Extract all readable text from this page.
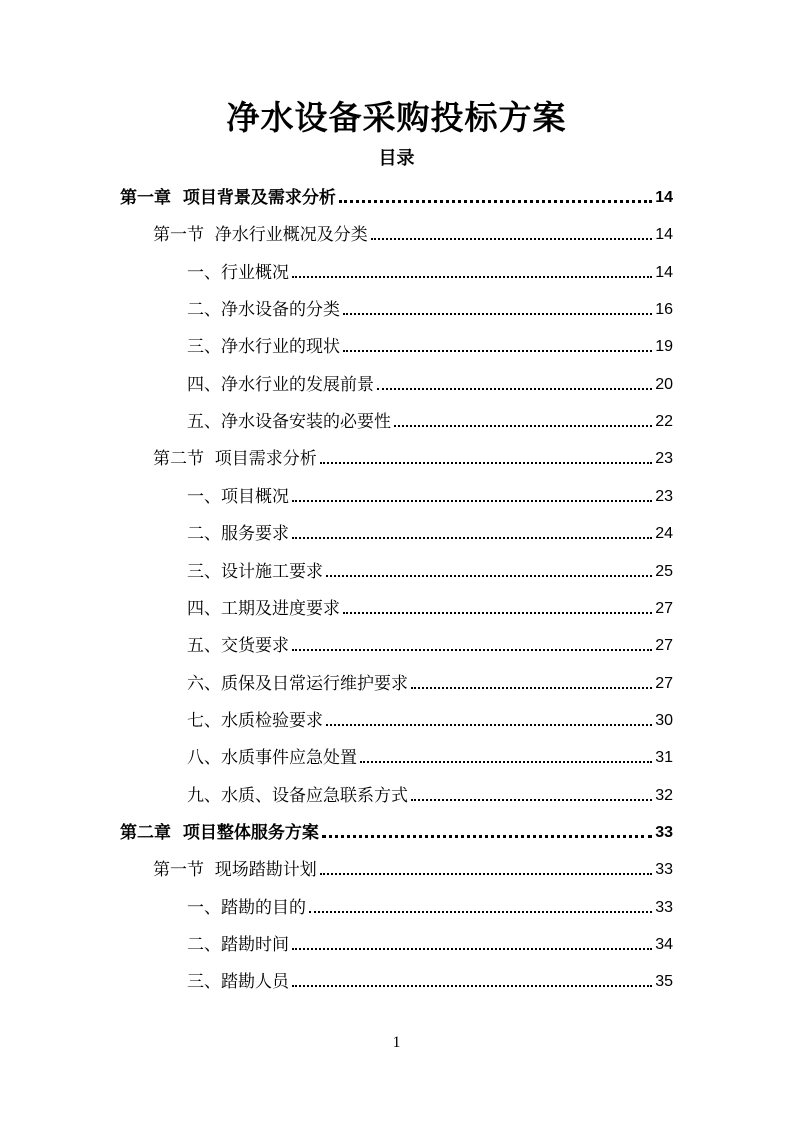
净水设备采购投标方案
目录
第一章  项目背景及需求分析	14
第一节  净水行业概况及分类	14
一、行业概况	14
二、净水设备的分类	16
三、净水行业的现状	19
四、净水行业的发展前景	20
五、净水设备安装的必要性	22
第二节  项目需求分析	23
一、项目概况	23
二、服务要求	24
三、设计施工要求	25
四、工期及进度要求	27
五、交货要求	27
六、质保及日常运行维护要求	27
七、水质检验要求	30
八、水质事件应急处置	31
九、水质、设备应急联系方式	32
第二章  项目整体服务方案	33
第一节  现场踏勘计划	33
一、踏勘的目的	33
二、踏勘时间	34
三、踏勘人员	35
1
